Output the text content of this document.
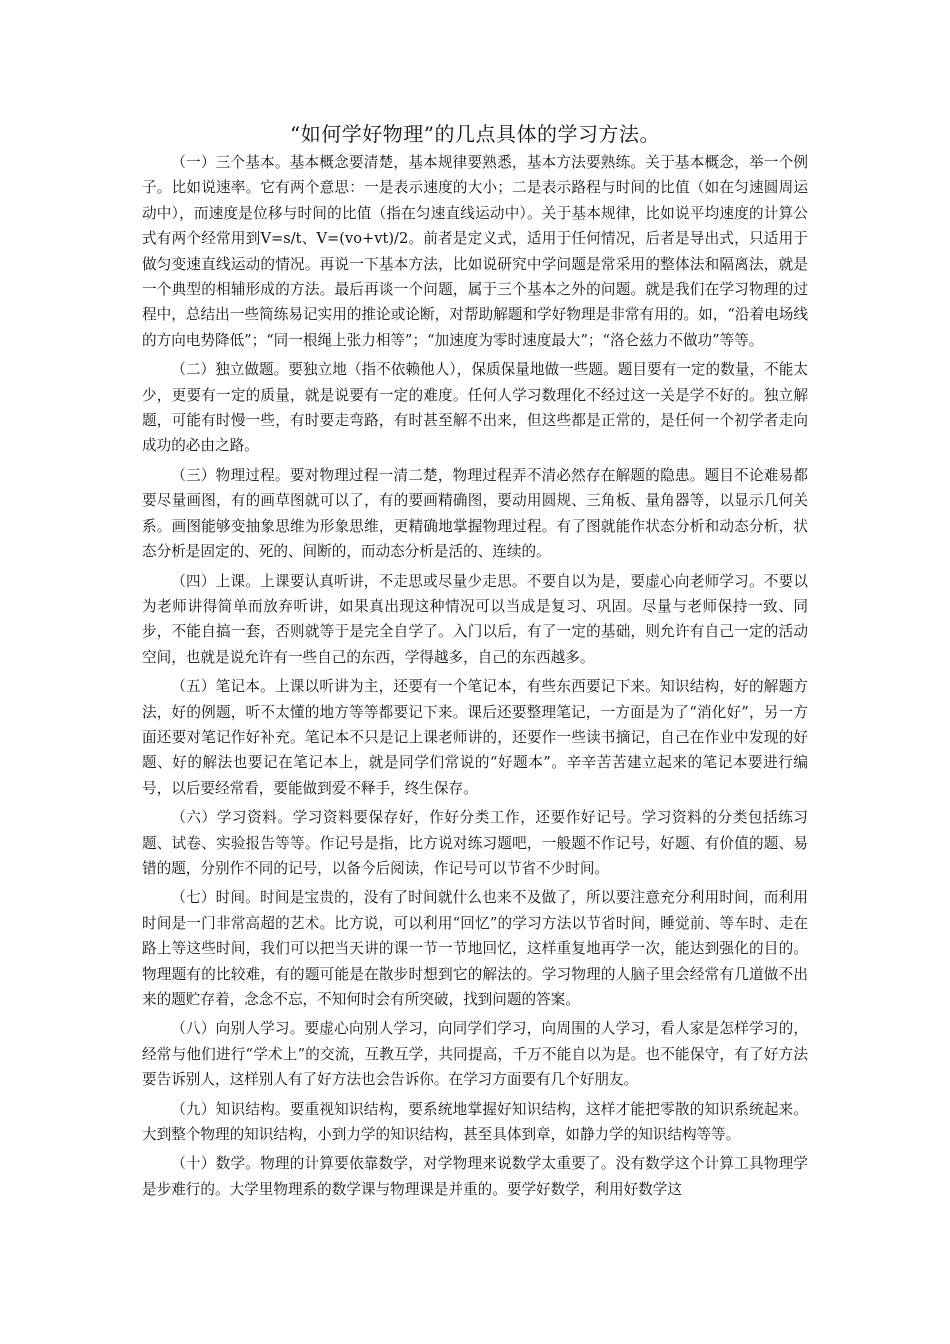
“如何学好物理”的几点具体的学习方法。

（一）三个基本。基本概念要清楚，基本规律要熟悉，基本方法要熟练。关于基本概念，举一个例子。比如说速率。它有两个意思：一是表示速度的大小；二是表示路程与时间的比值（如在匀速圆周运动中），而速度是位移与时间的比值（指在匀速直线运动中）。关于基本规律，比如说平均速度的计算公式有两个经常用到V=s/t、V=(vo+vt)/2。前者是定义式，适用于任何情况，后者是导出式，只适用于做匀变速直线运动的情况。再说一下基本方法，比如说研究中学问题是常采用的整体法和隔离法，就是一个典型的相辅形成的方法。最后再谈一个问题，属于三个基本之外的问题。就是我们在学习物理的过程中，总结出一些简练易记实用的推论或论断，对帮助解题和学好物理是非常有用的。如，“沿着电场线的方向电势降低”；“同一根绳上张力相等”；“加速度为零时速度最大”；“洛仑兹力不做功”等等。

（二）独立做题。要独立地（指不依赖他人），保质保量地做一些题。题目要有一定的数量，不能太少，更要有一定的质量，就是说要有一定的难度。任何人学习数理化不经过这一关是学不好的。独立解题，可能有时慢一些，有时要走弯路，有时甚至解不出来，但这些都是正常的，是任何一个初学者走向成功的必由之路。

（三）物理过程。要对物理过程一清二楚，物理过程弄不清必然存在解题的隐患。题目不论难易都要尽量画图，有的画草图就可以了，有的要画精确图，要动用圆规、三角板、量角器等，以显示几何关系。画图能够变抽象思维为形象思维，更精确地掌握物理过程。有了图就能作状态分析和动态分析，状态分析是固定的、死的、间断的，而动态分析是活的、连续的。

（四）上课。上课要认真听讲，不走思或尽量少走思。不要自以为是，要虚心向老师学习。不要以为老师讲得简单而放弃听讲，如果真出现这种情况可以当成是复习、巩固。尽量与老师保持一致、同步，不能自搞一套，否则就等于是完全自学了。入门以后，有了一定的基础，则允许有自己一定的活动空间，也就是说允许有一些自己的东西，学得越多，自己的东西越多。

（五）笔记本。上课以听讲为主，还要有一个笔记本，有些东西要记下来。知识结构，好的解题方法，好的例题，听不太懂的地方等等都要记下来。课后还要整理笔记，一方面是为了“消化好”，另一方面还要对笔记作好补充。笔记本不只是记上课老师讲的，还要作一些读书摘记，自己在作业中发现的好题、好的解法也要记在笔记本上，就是同学们常说的“好题本”。辛辛苦苦建立起来的笔记本要进行编号，以后要经常看，要能做到爱不释手，终生保存。

（六）学习资料。学习资料要保存好，作好分类工作，还要作好记号。学习资料的分类包括练习题、试卷、实验报告等等。作记号是指，比方说对练习题吧，一般题不作记号，好题、有价值的题、易错的题，分别作不同的记号，以备今后阅读，作记号可以节省不少时间。

（七）时间。时间是宝贵的，没有了时间就什么也来不及做了，所以要注意充分利用时间，而利用时间是一门非常高超的艺术。比方说，可以利用“回忆”的学习方法以节省时间，睡觉前、等车时、走在路上等这些时间，我们可以把当天讲的课一节一节地回忆，这样重复地再学一次，能达到强化的目的。物理题有的比较难，有的题可能是在散步时想到它的解法的。学习物理的人脑子里会经常有几道做不出来的题贮存着，念念不忘，不知何时会有所突破，找到问题的答案。

（八）向别人学习。要虚心向别人学习，向同学们学习，向周围的人学习，看人家是怎样学习的，经常与他们进行“学术上”的交流，互教互学，共同提高，千万不能自以为是。也不能保守，有了好方法要告诉别人，这样别人有了好方法也会告诉你。在学习方面要有几个好朋友。

（九）知识结构。要重视知识结构，要系统地掌握好知识结构，这样才能把零散的知识系统起来。大到整个物理的知识结构，小到力学的知识结构，甚至具体到章，如静力学的知识结构等等。

（十）数学。物理的计算要依靠数学，对学物理来说数学太重要了。没有数学这个计算工具物理学是步难行的。大学里物理系的数学课与物理课是并重的。要学好数学，利用好数学这
